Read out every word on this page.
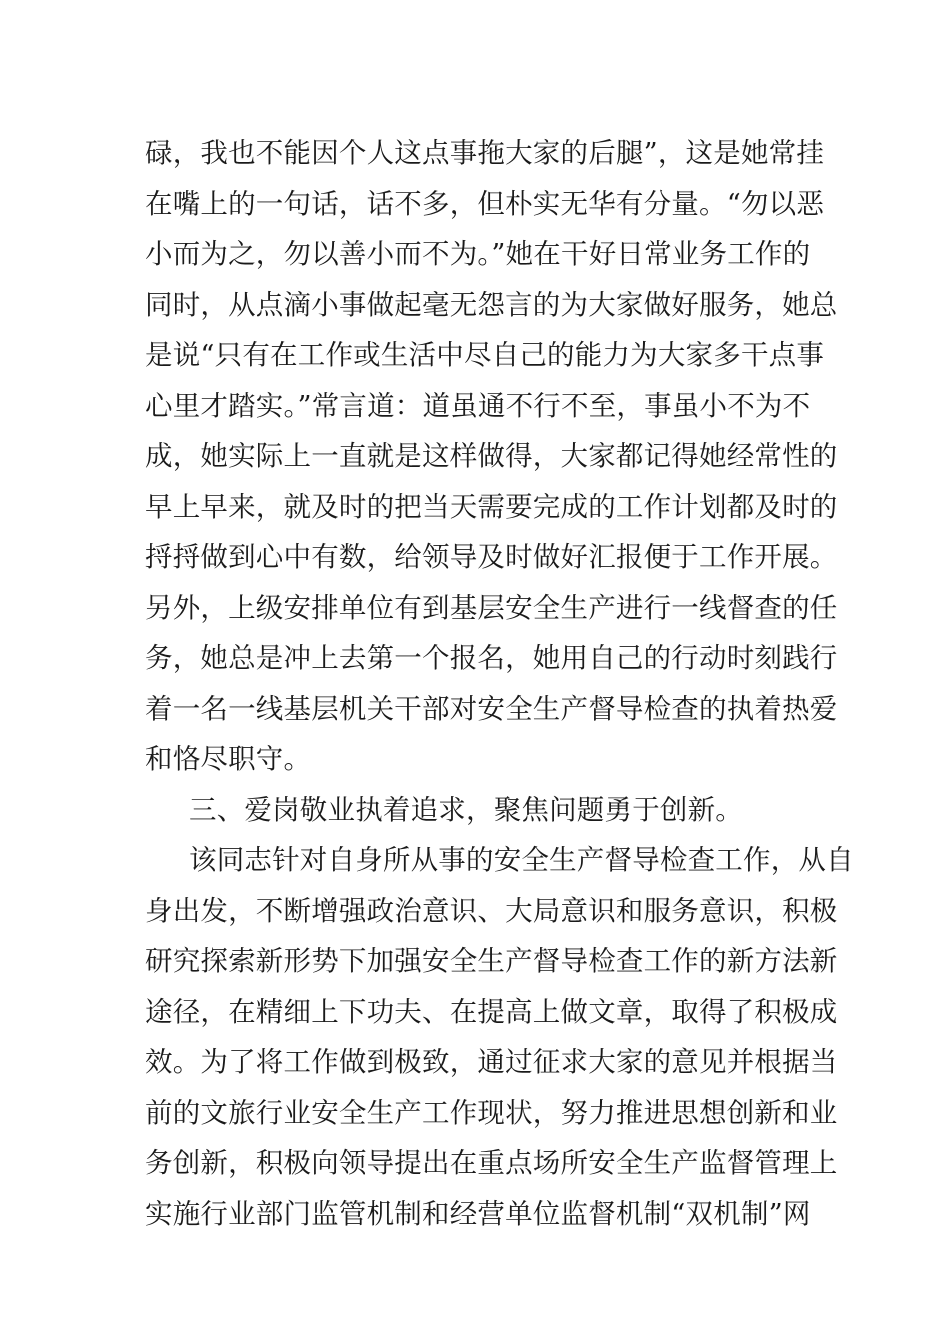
碌，我也不能因个人这点事拖大家的后腿”，这是她常挂
在嘴上的一句话，话不多，但朴实无华有分量。“勿以恶
小而为之，勿以善小而不为。”她在干好日常业务工作的
同时，从点滴小事做起毫无怨言的为大家做好服务，她总
是说“只有在工作或生活中尽自己的能力为大家多干点事
心里才踏实。”常言道：道虽通不行不至，事虽小不为不
成，她实际上一直就是这样做得，大家都记得她经常性的
早上早来，就及时的把当天需要完成的工作计划都及时的
捋捋做到心中有数，给领导及时做好汇报便于工作开展。
另外，上级安排单位有到基层安全生产进行一线督查的任
务，她总是冲上去第一个报名，她用自己的行动时刻践行
着一名一线基层机关干部对安全生产督导检查的执着热爱
和恪尽职守。
三、爱岗敬业执着追求，聚焦问题勇于创新。
该同志针对自身所从事的安全生产督导检查工作，从自
身出发，不断增强政治意识、大局意识和服务意识，积极
研究探索新形势下加强安全生产督导检查工作的新方法新
途径，在精细上下功夫、在提高上做文章，取得了积极成
效。为了将工作做到极致，通过征求大家的意见并根据当
前的文旅行业安全生产工作现状，努力推进思想创新和业
务创新，积极向领导提出在重点场所安全生产监督管理上
实施行业部门监管机制和经营单位监督机制“双机制”网
